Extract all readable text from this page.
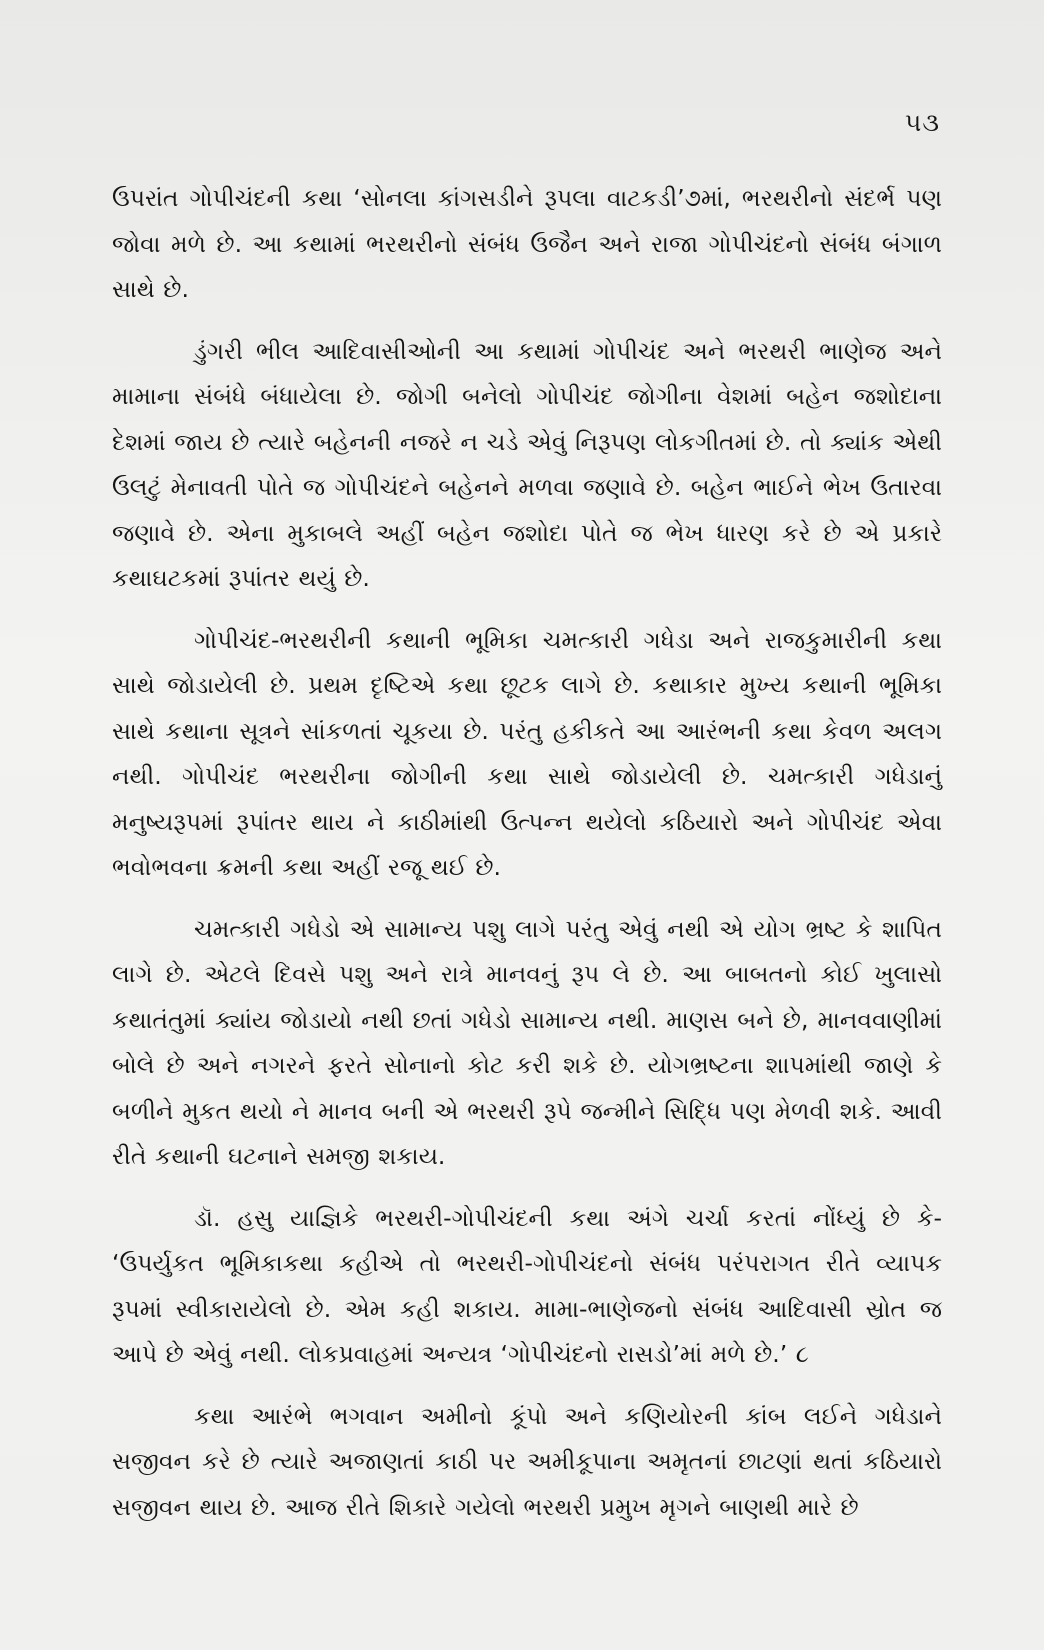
૫૩

ઉપરાંત ગોપીચંદની કથા ‘સોનલા કાંગસડીને રૂપલા વાટકડી’૭માં, ભરથરીનો સંદર્ભ પણ જોવા મળે છે. આ કથામાં ભરથરીનો સંબંધ ઉજૈન અને રાજા ગોપીચંદનો સંબંધ બંગાળ સાથે છે.

ડુંગરી ભીલ આદિવાસીઓની આ કથામાં ગોપીચંદ અને ભરથરી ભાણેજ અને મામાના સંબંધે બંધાયેલા છે. જોગી બનેલો ગોપીચંદ જોગીના વેશમાં બહેન જશોદાના દેશમાં જાય છે ત્યારે બહેનની નજરે ન ચડે એવું નિરૂપણ લોકગીતમાં છે. તો ક્યાંક એથી ઉલટું મેનાવતી પોતે જ ગોપીચંદને બહેનને મળવા જણાવે છે. બહેન ભાઈને ભેખ ઉતારવા જણાવે છે. એના મુકાબલે અહીં બહેન જશોદા પોતે જ ભેખ ધારણ કરે છે એ પ્રકારે કથાઘટકમાં રૂપાંતર થયું છે.

ગોપીચંદ-ભરથરીની કથાની ભૂમિકા ચમત્કારી ગધેડા અને રાજકુમારીની કથા સાથે જોડાયેલી છે. પ્રથમ દૃષ્ટિએ કથા છૂટક લાગે છે. કથાકાર મુખ્ય કથાની ભૂમિકા સાથે કથાના સૂત્રને સાંકળતાં ચૂકયા છે. પરંતુ હકીકતે આ આરંભની કથા કેવળ અલગ નથી. ગોપીચંદ ભરથરીના જોગીની કથા સાથે જોડાયેલી છે. ચમત્કારી ગધેડાનું મનુષ્યરૂપમાં રૂપાંતર થાય ને કાઠીમાંથી ઉત્પન્ન થયેલો કઠિયારો અને ગોપીચંદ એવા ભવોભવના ક્રમની કથા અહીં રજૂ થઈ છે.

ચમત્કારી ગધેડો એ સામાન્ય પશુ લાગે પરંતુ એવું નથી એ યોગ ભ્રષ્ટ કે શાપિત લાગે છે. એટલે દિવસે પશુ અને રાત્રે માનવનું રૂપ લે છે. આ બાબતનો કોઈ ખુલાસો કથાતંતુમાં ક્યાંય જોડાયો નથી છતાં ગધેડો સામાન્ય નથી. માણસ બને છે, માનવવાણીમાં બોલે છે અને નગરને ફરતે સોનાનો કોટ કરી શકે છે. યોગભ્રષ્ટના શાપમાંથી જાણે કે બળીને મુકત થયો ને માનવ બની એ ભરથરી રૂપે જન્મીને સિદ્ધિ પણ મેળવી શકે. આવી રીતે કથાની ઘટનાને સમજી શકાય.

ડૉ. હસુ યાજ્ઞિકે ભરથરી-ગોપીચંદની કથા અંગે ચર્ચા કરતાં નોંધ્યું છે કે- ‘ઉપર્યુકત ભૂમિકાકથા કહીએ તો ભરથરી-ગોપીચંદનો સંબંધ પરંપરાગત રીતે વ્યાપક રૂપમાં સ્વીકારાયેલો છે. એમ કહી શકાય. મામા-ભાણેજનો સંબંધ આદિવાસી સ્રોત જ આપે છે એવું નથી. લોકપ્રવાહમાં અન્યત્ર ‘ગોપીચંદનો રાસડો’માં મળે છે.’ ૮

કથા આરંભે ભગવાન અમીનો કૂંપો અને કણિયોરની કાંબ લઈને ગધેડાને સજીવન કરે છે ત્યારે અજાણતાં કાઠી પર અમીકૂપાના અમૃતનાં છાટણાં થતાં કઠિયારો સજીવન થાય છે. આજ રીતે શિકારે ગયેલો ભરથરી પ્રમુખ મૃગને બાણથી મારે છે
